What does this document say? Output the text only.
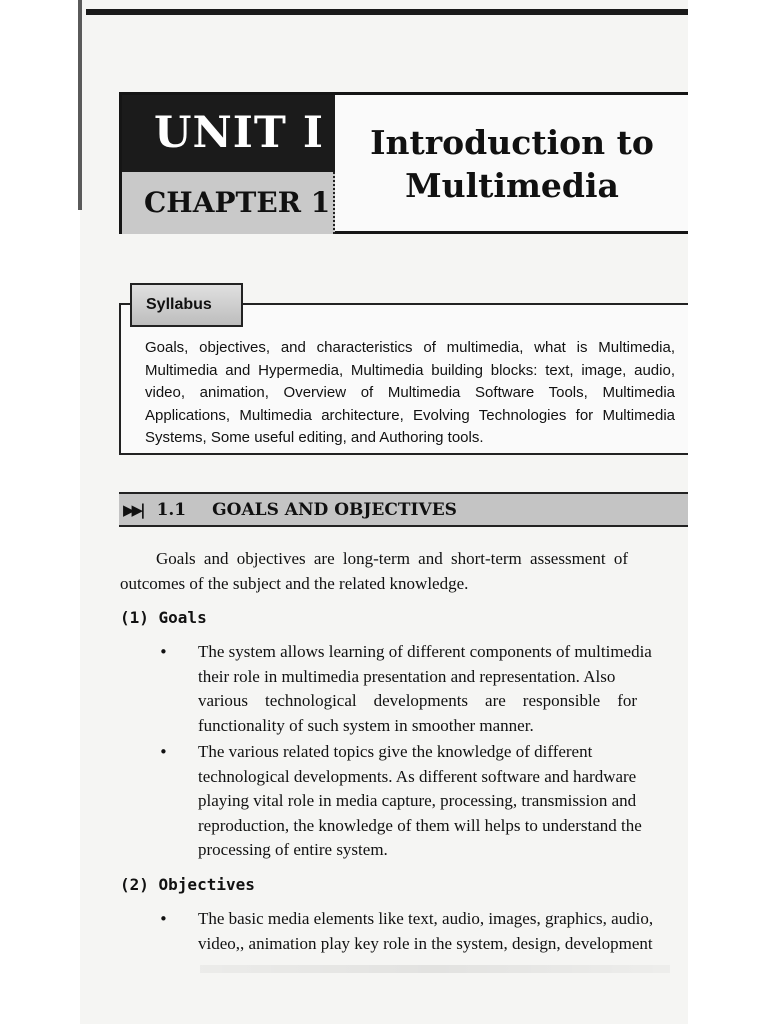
UNIT I
CHAPTER 1
Introduction to
Multimedia
Syllabus
Goals, objectives, and characteristics of multimedia, what is Multimedia, Multimedia and Hypermedia, Multimedia building blocks: text, image, audio, video, animation, Overview of Multimedia Software Tools, Multimedia Applications, Multimedia architecture, Evolving Technologies for Multimedia Systems, Some useful editing, and Authoring tools.
▶▶| 1.1 GOALS AND OBJECTIVES
Goals and objectives are long-term and short-term assessment of
outcomes of the subject and the related knowledge.
(1) Goals
• The system allows learning of different components of multimedia
their role in multimedia presentation and representation. Also
various    technological    developments    are    responsible    for
functionality of such system in smoother manner.
• The various related topics give the knowledge of different
technological developments. As different software and hardware
playing vital role in media capture, processing, transmission and
reproduction, the knowledge of them will helps to understand the
processing of entire system.
(2) Objectives
• The basic media elements like text, audio, images, graphics, audio,
video,, animation play key role in the system, design, development
